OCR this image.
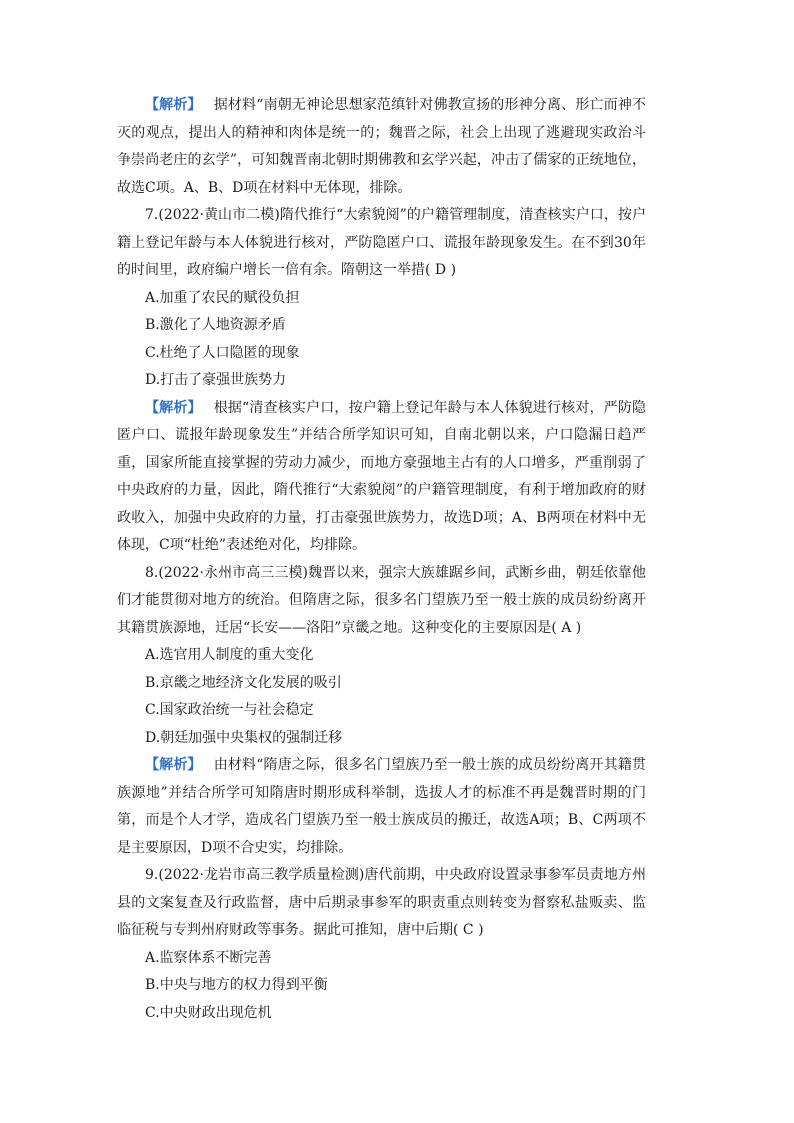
【解析】 据材料“南朝无神论思想家范缜针对佛教宣扬的形神分离、形亡而神不灭的观点，提出人的精神和肉体是统一的；魏晋之际，社会上出现了逃避现实政治斗争崇尚老庄的玄学”，可知魏晋南北朝时期佛教和玄学兴起，冲击了儒家的正统地位，故选C项。A、B、D项在材料中无体现，排除。

7.(2022·黄山市二模)隋代推行“大索貌阅”的户籍管理制度，清查核实户口，按户籍上登记年龄与本人体貌进行核对，严防隐匿户口、谎报年龄现象发生。在不到30年的时间里，政府编户增长一倍有余。隋朝这一举措( D )

A.加重了农民的赋役负担

B.激化了人地资源矛盾

C.杜绝了人口隐匿的现象

D.打击了豪强世族势力

【解析】 根据“清查核实户口，按户籍上登记年龄与本人体貌进行核对，严防隐匿户口、谎报年龄现象发生”并结合所学知识可知，自南北朝以来，户口隐漏日趋严重，国家所能直接掌握的劳动力减少，而地方豪强地主占有的人口增多，严重削弱了中央政府的力量，因此，隋代推行“大索貌阅”的户籍管理制度，有利于增加政府的财政收入，加强中央政府的力量，打击豪强世族势力，故选D项；A、B两项在材料中无体现，C项“杜绝”表述绝对化，均排除。

8.(2022·永州市高三三模)魏晋以来，强宗大族雄踞乡间，武断乡曲，朝廷依靠他们才能贯彻对地方的统治。但隋唐之际，很多名门望族乃至一般士族的成员纷纷离开其籍贯族源地，迁居“长安——洛阳”京畿之地。这种变化的主要原因是( A )

A.选官用人制度的重大变化

B.京畿之地经济文化发展的吸引

C.国家政治统一与社会稳定

D.朝廷加强中央集权的强制迁移

【解析】 由材料“隋唐之际，很多名门望族乃至一般士族的成员纷纷离开其籍贯族源地”并结合所学可知隋唐时期形成科举制，选拔人才的标准不再是魏晋时期的门第，而是个人才学，造成名门望族乃至一般士族成员的搬迁，故选A项；B、C两项不是主要原因，D项不合史实，均排除。

9.(2022·龙岩市高三教学质量检测)唐代前期，中央政府设置录事参军员责地方州县的文案复查及行政监督，唐中后期录事参军的职责重点则转变为督察私盐贩卖、监临征税与专判州府财政等事务。据此可推知，唐中后期( C )

A.监察体系不断完善

B.中央与地方的权力得到平衡

C.中央财政出现危机
